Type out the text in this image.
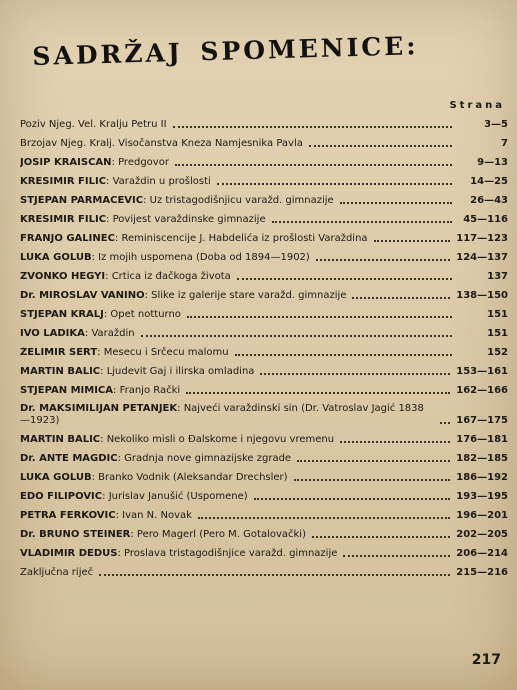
SADRŽAJ SPOMENICE:
Strana
Poziv Njeg. Vel. Kralju Petru II	3—5
Brzojav Njeg. Kralj. Visočanstva Kneza Namjesnika Pavla	7
JOSIP KRAIŠĆAN: Predgovor	9—13
KREŠIMIR FILIĆ: Varaždin u prošlosti	14—25
STJEPAN PARMAČEVIĆ: Uz tristagodišnjicu varažd. gimnazije	26—43
KREŠIMIR FILIĆ: Povijest varaždinske gimnazije	45—116
FRANJO GALINEC: Reminiscencije J. Habdelića iz prošlosti Varaždina	117—123
LUKA GOLUB: Iz mojih uspomena (Doba od 1894—1902)	124—137
ZVONKO HEGYI: Crtica iz đačkoga života	137
Dr. MIROSLAV VANINO: Slike iz galerije stare varažd. gimnazije	138—150
STJEPAN KRALJ: Opet notturno	151
IVO LADIKA: Varaždin	151
ŽELIMIR ŠERT: Mesecu i Srčecu malomu	152
MARTIN BALIĆ: Ljudevit Gaj i ilirska omladina	153—161
STJEPAN MIMICA: Franjo Rački	162—166
Dr. MAKSIMILIJAN PETANJEK: Najveći varaždinski sin (Dr. Vatroslav Jagić 1838—1923)	167—175
MARTIN BALIĆ: Nekoliko misli o Đalskome i njegovu vremenu	176—181
Dr. ANTE MAGDIĆ: Gradnja nove gimnazijske zgrade	182—185
LUKA GOLUB: Branko Vodnik (Aleksandar Drechsler)	186—192
EDO FILIPOVIĆ: Jurislav Janušić (Uspomene)	193—195
PETRA FERKOVIĆ: Ivan N. Novak	196—201
Dr. BRUNO STEINER: Pero Magerl (Pero M. Gotalovački)	202—205
VLADIMIR DEDUŠ: Proslava tristagodišnjice varažd. gimnazije	206—214
Zaključna riječ	215—216
217
